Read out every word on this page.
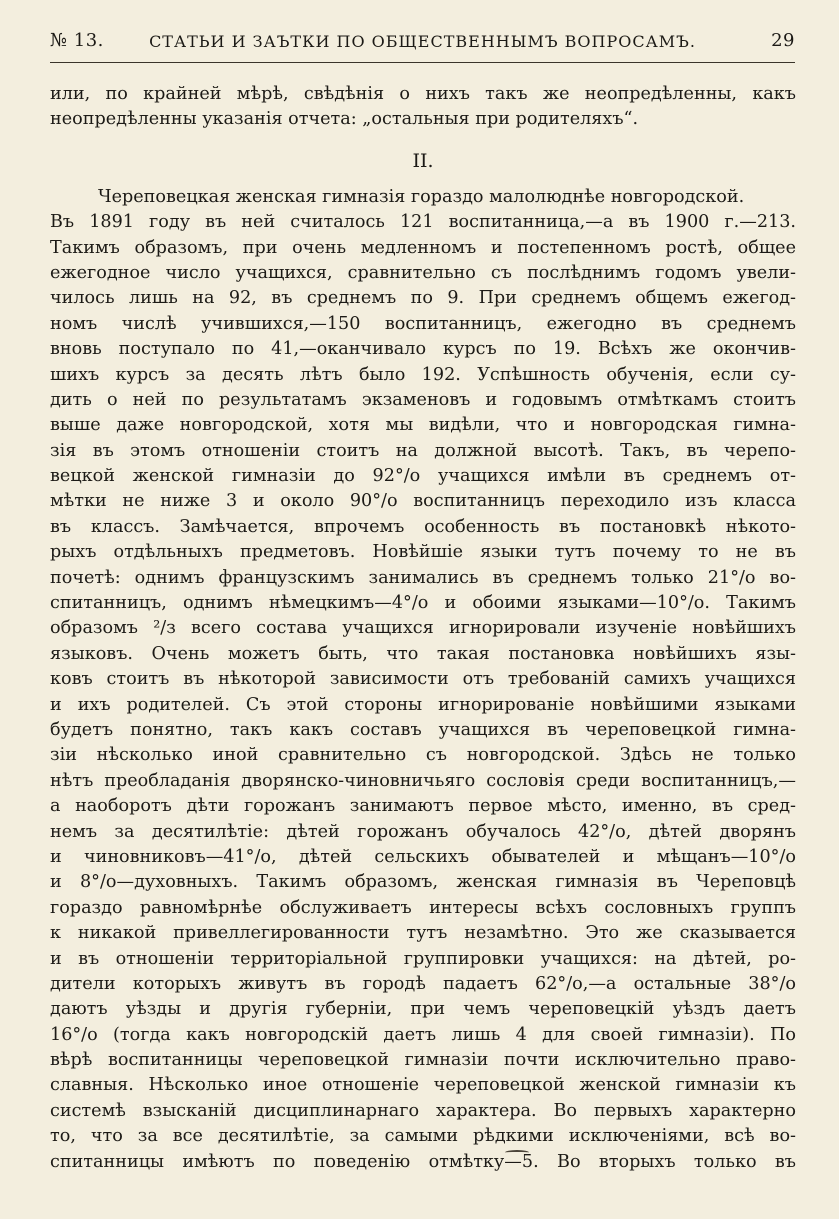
№ 13.	СТАТЬИ И ЗАЪТКИ ПО ОБЩЕСТВЕННЫМЪ ВОПРОСАМЪ.	29
или, по крайней мѣрѣ, свѣдѣнія о нихъ такъ же неопредѣленны, какъ
неопредѣленны указанія отчета: „остальныя при родителяхъ“.
II.
Череповецкая женская гимназія гораздо малолюднѣе новгородской.
Въ 1891 году въ ней считалось 121 воспитанница,—а въ 1900 г.—213.
Такимъ образомъ, при очень медленномъ и постепенномъ ростѣ, общее
ежегодное число учащихся, сравнительно съ послѣднимъ годомъ увели-
чилось лишь на 92, въ среднемъ по 9. При среднемъ общемъ ежегод-
номъ числѣ учившихся,—150 воспитанницъ, ежегодно въ среднемъ
вновь поступало по 41,—оканчивало курсъ по 19. Всѣхъ же окончив-
шихъ курсъ за десять лѣтъ было 192. Успѣшность обученія, если су-
дить о ней по результатамъ экзаменовъ и годовымъ отмѣткамъ стоитъ
выше даже новгородской, хотя мы видѣли, что и новгородская гимна-
зія въ этомъ отношеніи стоитъ на должной высотѣ. Такъ, въ черепо-
вецкой женской гимназіи до 92°/о учащихся имѣли въ среднемъ от-
мѣтки не ниже 3 и около 90°/о воспитанницъ переходило изъ класса
въ классъ. Замѣчается, впрочемъ особенность въ постановкѣ нѣкото-
рыхъ отдѣльныхъ предметовъ. Новѣйшіе языки тутъ почему то не въ
почетѣ: однимъ французскимъ занимались въ среднемъ только 21°/о во-
спитанницъ, однимъ нѣмецкимъ—4°/о и обоими языками—10°/о. Такимъ
образомъ ²/з всего состава учащихся игнорировали изученіе новѣйшихъ
языковъ. Очень можетъ быть, что такая постановка новѣйшихъ язы-
ковъ стоитъ въ нѣкоторой зависимости отъ требованій самихъ учащихся
и ихъ родителей. Съ этой стороны игнорированіе новѣйшими языками
будетъ понятно, такъ какъ составъ учащихся въ череповецкой гимна-
зіи нѣсколько иной сравнительно съ новгородской. Здѣсь не только
нѣтъ преобладанія дворянско-чиновничьяго сословія среди воспитанницъ,—
а наоборотъ дѣти горожанъ занимаютъ первое мѣсто, именно, въ сред-
немъ за десятилѣтіе: дѣтей горожанъ обучалось 42°/о, дѣтей дворянъ
и чиновниковъ—41°/о, дѣтей сельскихъ обывателей и мѣщанъ—10°/о
и 8°/о—духовныхъ. Такимъ образомъ, женская гимназія въ Череповцѣ
гораздо равномѣрнѣе обслуживаетъ интересы всѣхъ сословныхъ группъ
к никакой привеллегированности тутъ незамѣтно. Это же сказывается
и въ отношеніи территоріальной группировки учащихся: на дѣтей, ро-
дители которыхъ живутъ въ городѣ падаетъ 62°/о,—а остальные 38°/о
даютъ уѣзды и другія губерніи, при чемъ череповецкій уѣздъ даетъ
16°/о (тогда какъ новгородскій даетъ лишь 4 для своей гимназіи). По
вѣрѣ воспитанницы череповецкой гимназіи почти исключительно право-
славныя. Нѣсколько иное отношеніе череповецкой женской гимназіи къ
системѣ взысканій дисциплинарнаго характера. Во первыхъ характерно
то, что за все десятилѣтіе, за самыми рѣдкими исключеніями, всѣ во-
спитанницы имѣютъ по поведенію отмѣтку—5. Во вторыхъ только въ
